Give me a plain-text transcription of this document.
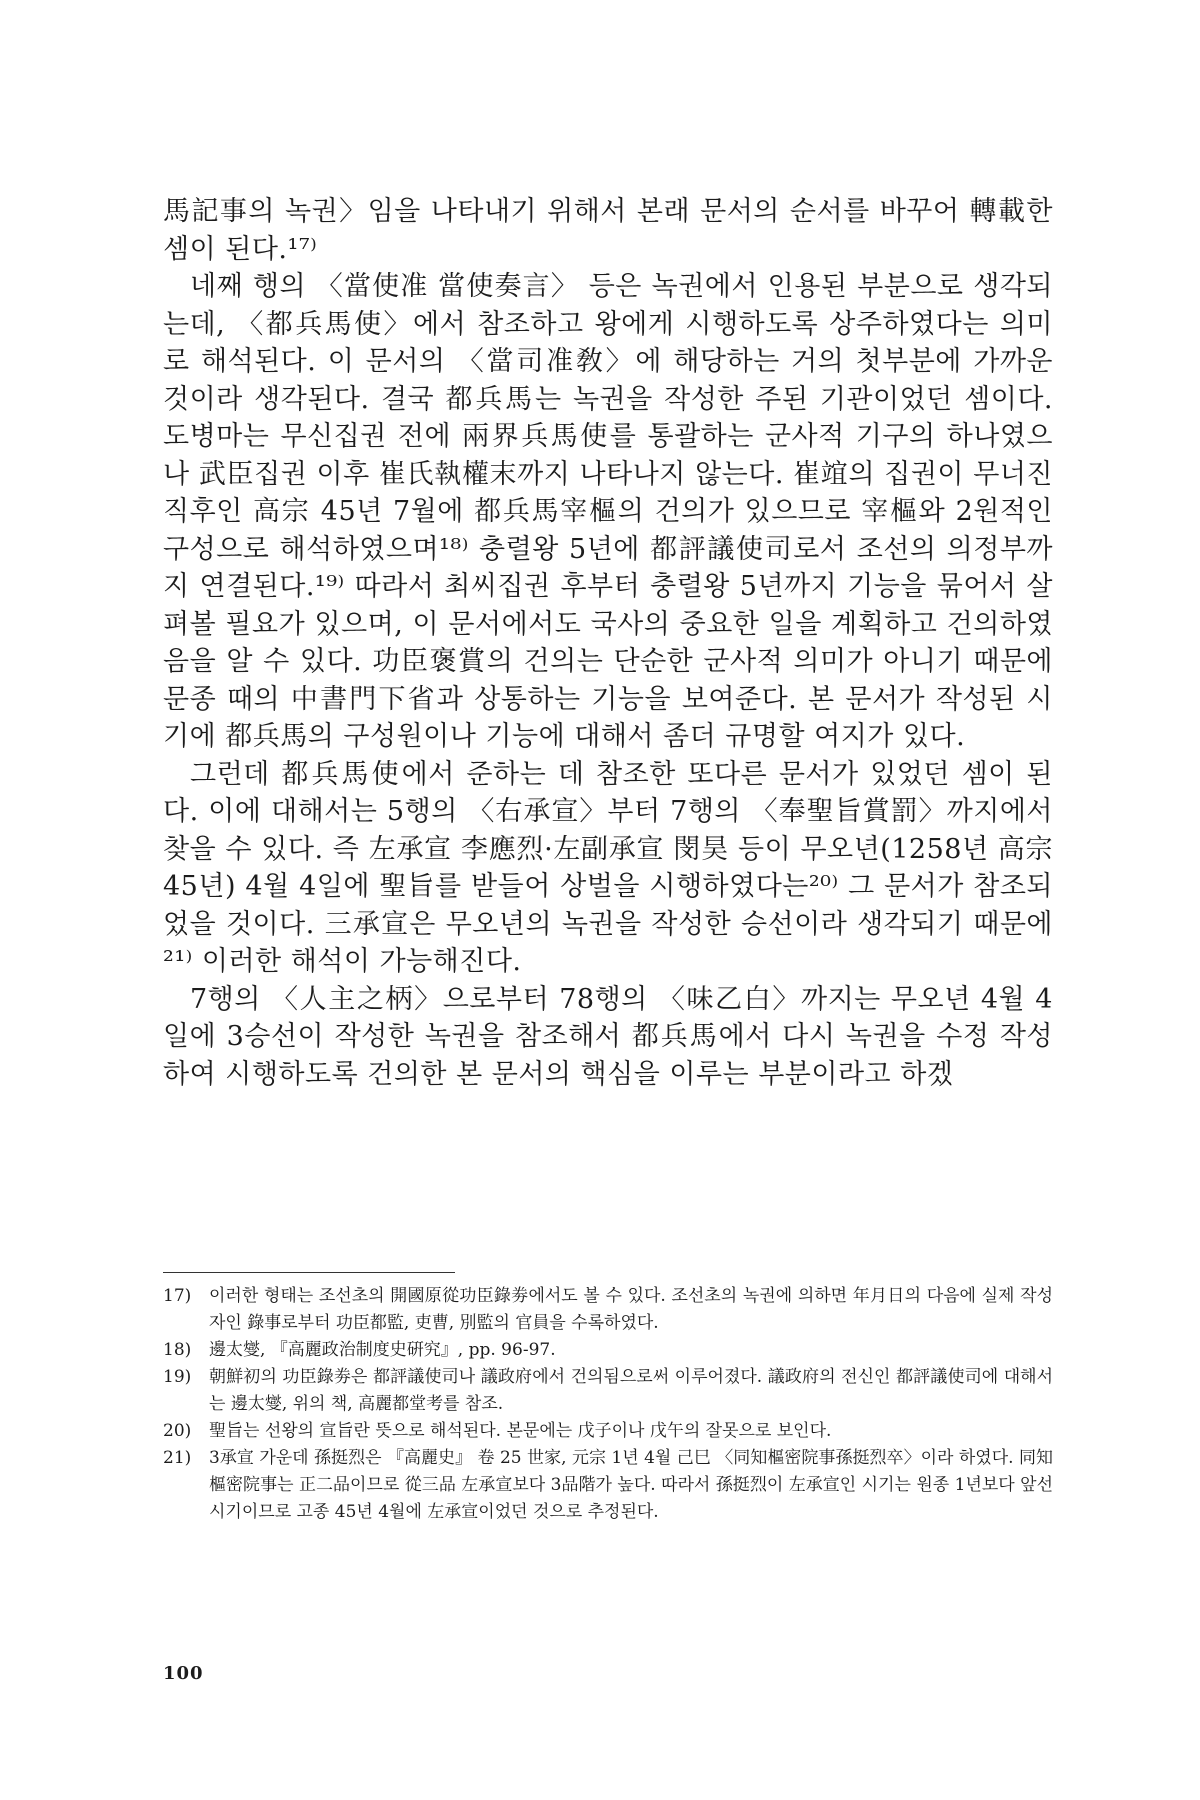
馬記事의 녹권〉임을 나타내기 위해서 본래 문서의 순서를 바꾸어 轉載한 셈이 된다.¹⁷⁾

네째 행의 〈當使准 當使奏言〉 등은 녹권에서 인용된 부분으로 생각되는데, 〈都兵馬使〉에서 참조하고 왕에게 시행하도록 상주하였다는 의미로 해석된다. 이 문서의 〈當司准敎〉에 해당하는 거의 첫부분에 가까운 것이라 생각된다. 결국 都兵馬는 녹권을 작성한 주된 기관이었던 셈이다. 도병마는 무신집권 전에 兩界兵馬使를 통괄하는 군사적 기구의 하나였으나 武臣집권 이후 崔氏執權末까지 나타나지 않는다. 崔竩의 집권이 무너진 직후인 高宗 45년 7월에 都兵馬宰樞의 건의가 있으므로 宰樞와 2원적인 구성으로 해석하였으며¹⁸⁾ 충렬왕 5년에 都評議使司로서 조선의 의정부까지 연결된다.¹⁹⁾ 따라서 최씨집권 후부터 충렬왕 5년까지 기능을 묶어서 살펴볼 필요가 있으며, 이 문서에서도 국사의 중요한 일을 계획하고 건의하였음을 알 수 있다. 功臣褒賞의 건의는 단순한 군사적 의미가 아니기 때문에 문종 때의 中書門下省과 상통하는 기능을 보여준다. 본 문서가 작성된 시기에 都兵馬의 구성원이나 기능에 대해서 좀더 규명할 여지가 있다.

그런데 都兵馬使에서 준하는 데 참조한 또다른 문서가 있었던 셈이 된다. 이에 대해서는 5행의 〈右承宣〉부터 7행의 〈奉聖旨賞罰〉까지에서 찾을 수 있다. 즉 左承宣 李應烈·左副承宣 閔昊 등이 무오년(1258년 高宗 45년) 4월 4일에 聖旨를 받들어 상벌을 시행하였다는²⁰⁾ 그 문서가 참조되었을 것이다. 三承宣은 무오년의 녹권을 작성한 승선이라 생각되기 때문에²¹⁾ 이러한 해석이 가능해진다.

7행의 〈人主之柄〉으로부터 78행의 〈味乙白〉까지는 무오년 4월 4일에 3승선이 작성한 녹권을 참조해서 都兵馬에서 다시 녹권을 수정 작성하여 시행하도록 건의한 본 문서의 핵심을 이루는 부분이라고 하겠

17)	이러한 형태는 조선초의 開國原從功臣錄劵에서도 볼 수 있다. 조선초의 녹권에 의하면 年月日의 다음에 실제 작성자인 錄事로부터 功臣都監, 吏曹, 別監의 官員을 수록하였다.
18)	邊太燮, 『高麗政治制度史硏究』, pp. 96-97.
19)	朝鮮初의 功臣錄劵은 都評議使司나 議政府에서 건의됨으로써 이루어졌다. 議政府의 전신인 都評議使司에 대해서는 邊太燮, 위의 책, 高麗都堂考를 참조.
20)	聖旨는 선왕의 宣旨란 뜻으로 해석된다. 본문에는 戊子이나 戊午의 잘못으로 보인다.
21)	3承宣 가운데 孫挺烈은 『高麗史』 卷 25 世家, 元宗 1년 4월 己巳 〈同知樞密院事孫挺烈卒〉이라 하였다. 同知樞密院事는 正二品이므로 從三品 左承宣보다 3品階가 높다. 따라서 孫挺烈이 左承宣인 시기는 원종 1년보다 앞선 시기이므로 고종 45년 4월에 左承宣이었던 것으로 추정된다.
100
